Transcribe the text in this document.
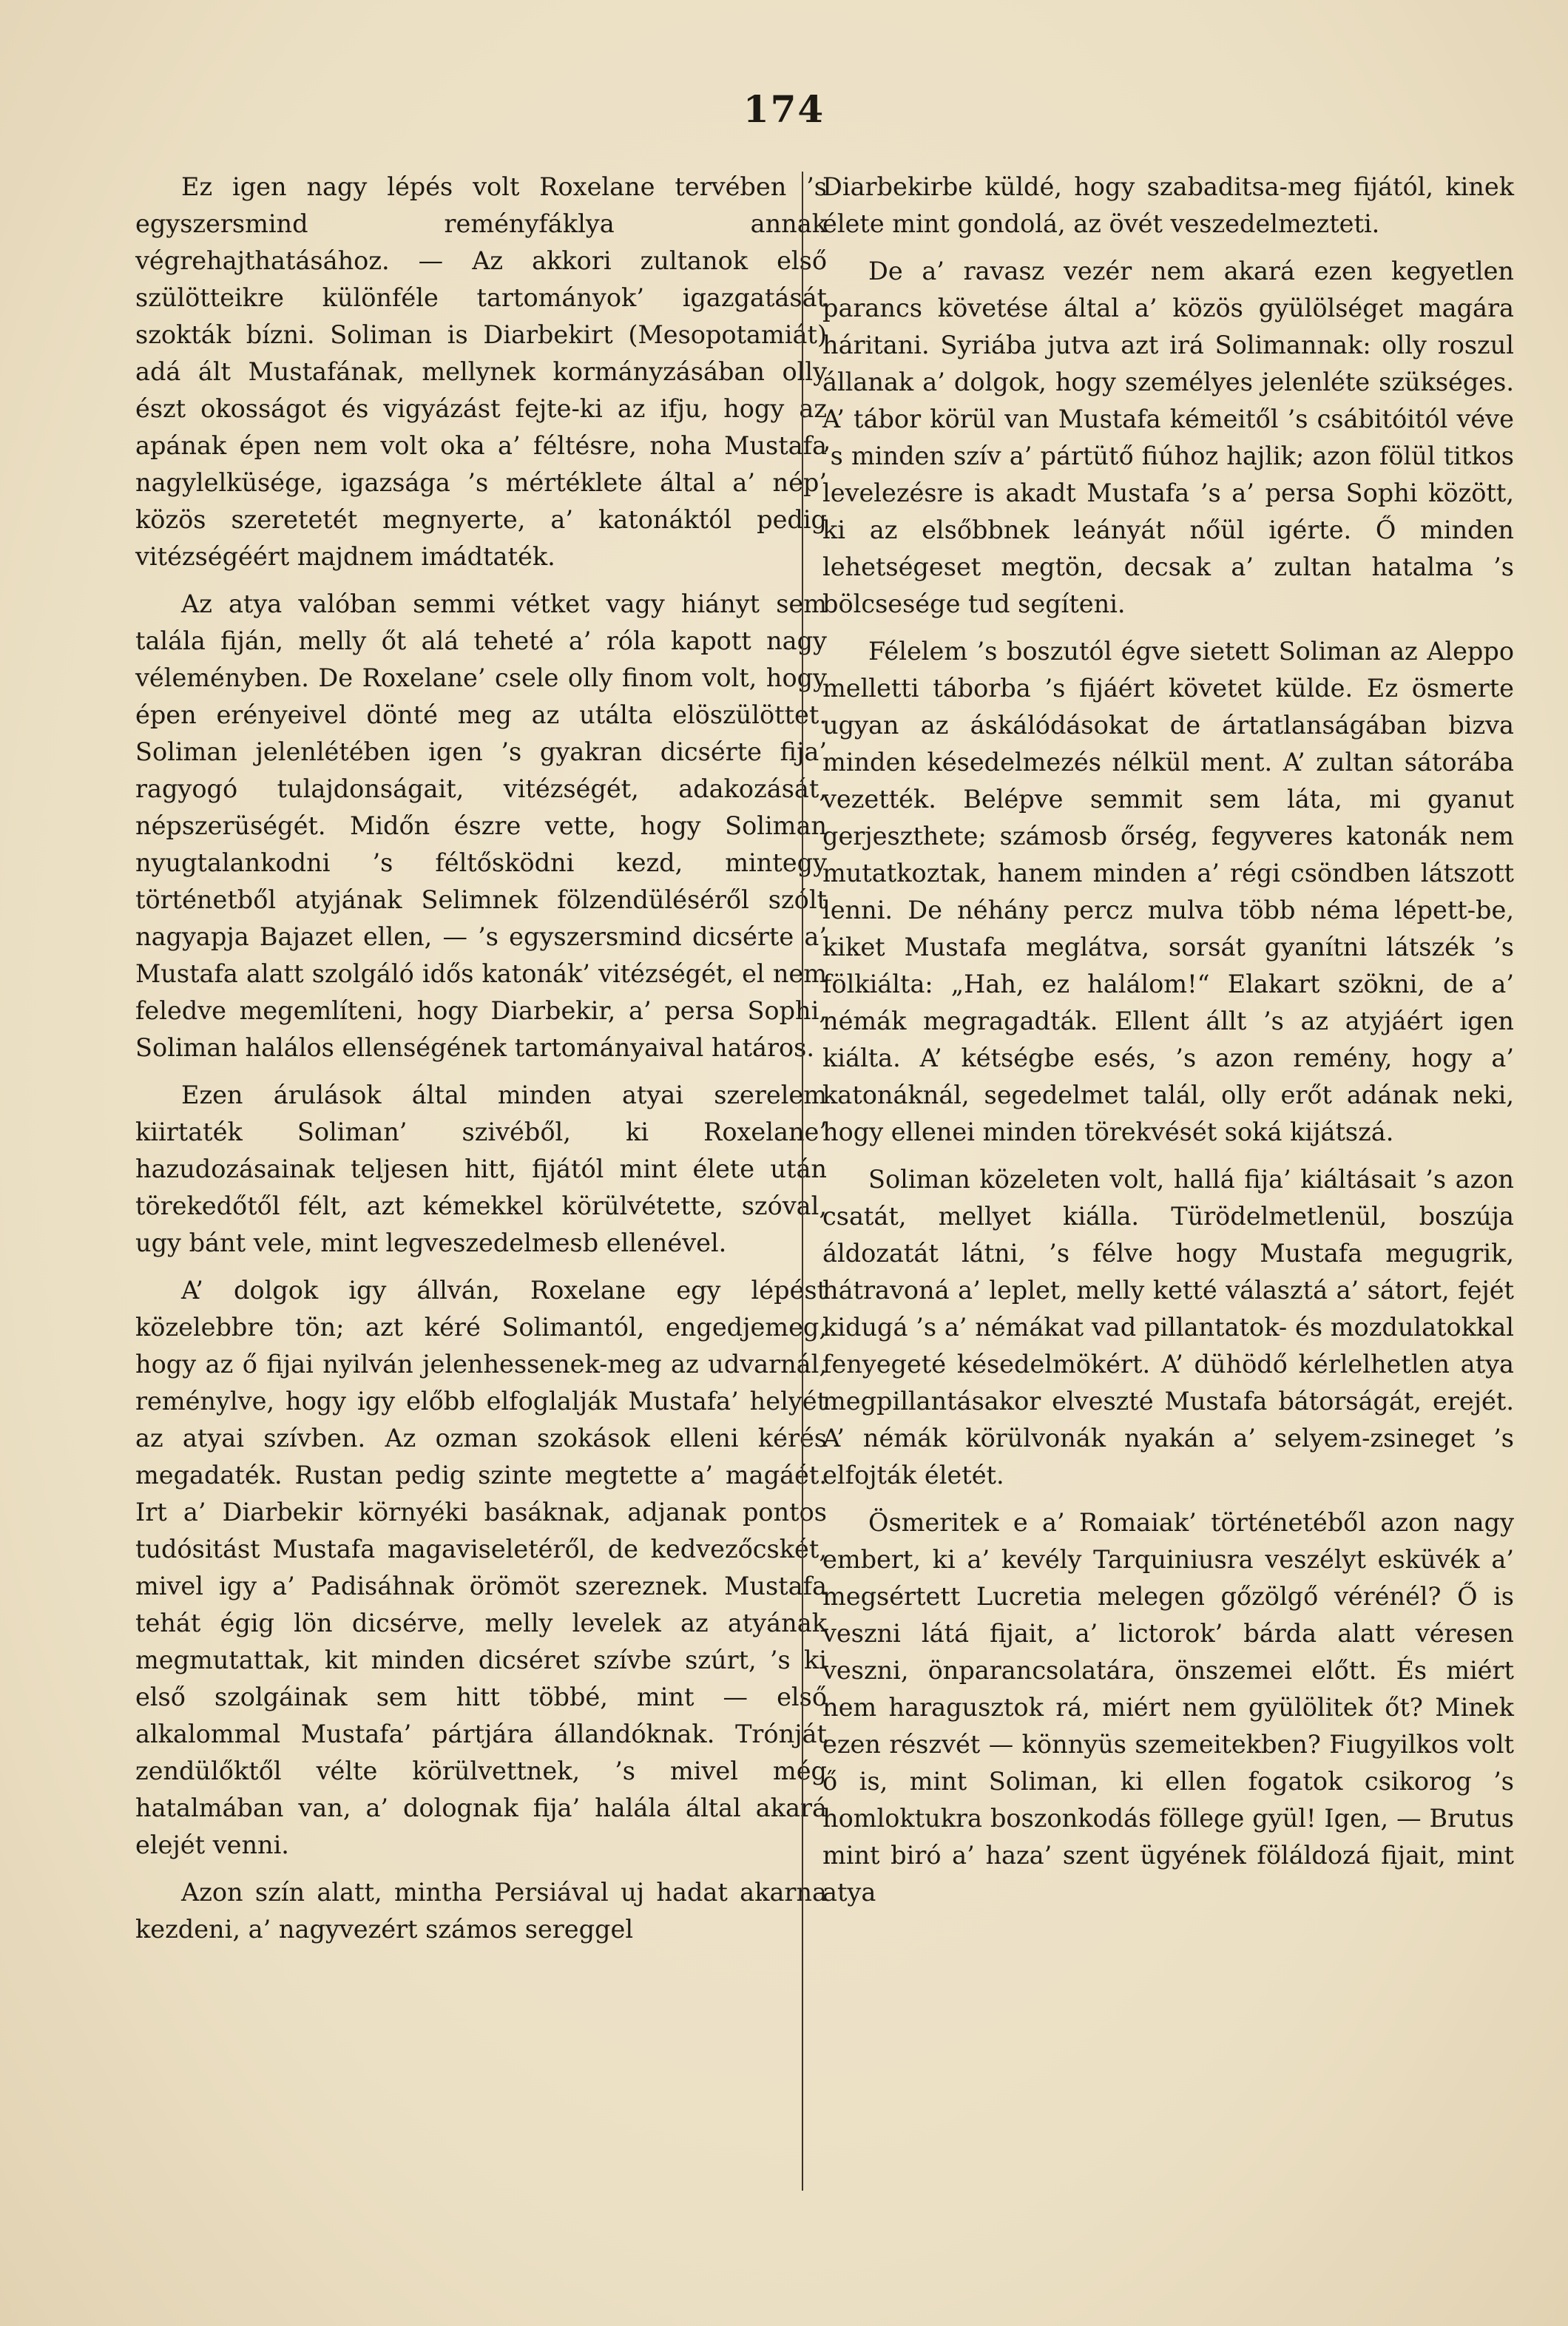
174

Ez igen nagy lépés volt Roxelane tervében ’s egyszersmind reményfáklya annak végrehajthatásához. — Az akkori zultanok első szülötteikre különféle tartományok’ igazgatását szokták bízni. Soliman is Diarbekirt (Mesopotamiát) adá ált Mustafának, mellynek kormányzásában olly észt okosságot és vigyázást fejte-ki az ifju, hogy az apának épen nem volt oka a’ féltésre, noha Mustafa nagylelküsége, igazsága ’s mértéklete által a’ nép’ közös szeretetét megnyerte, a’ katonáktól pedig vitézségéért majdnem imádtaték.

Az atya valóban semmi vétket vagy hiányt sem talála fiján, melly őt alá teheté a’ róla kapott nagy véleményben. De Roxelane’ csele olly finom volt, hogy épen erényeivel dönté meg az utálta elöszülöttet. Soliman jelenlétében igen ’s gyakran dicsérte fija’ ragyogó tulajdonságait, vitézségét, adakozását, népszerüségét. Midőn észre vette, hogy Soliman nyugtalankodni ’s féltősködni kezd, mintegy történetből atyjának Selimnek fölzendüléséről szólt nagyapja Bajazet ellen, — ’s egyszersmind dicsérte a’ Mustafa alatt szolgáló idős katonák’ vitézségét, el nem feledve megemlíteni, hogy Diarbekir, a’ persa Sophi, Soliman halálos ellenségének tartományaival határos.

Ezen árulások által minden atyai szerelem kiirtaték Soliman’ szivéből, ki Roxelane’ hazudozásainak teljesen hitt, fijától mint élete után törekedőtől félt, azt kémekkel körülvétette, szóval, ugy bánt vele, mint legveszedelmesb ellenével.

A’ dolgok igy állván, Roxelane egy lépést közelebbre tön; azt kéré Solimantól, engedjemeg, hogy az ő fijai nyilván jelenhessenek-meg az udvarnál, reménylve, hogy igy előbb elfoglalják Mustafa’ helyét az atyai szívben. Az ozman szokások elleni kérés megadaték. Rustan pedig szinte megtette a’ magáét. Irt a’ Diarbekir környéki basáknak, adjanak pontos tudósitást Mustafa magaviseletéről, de kedvezőcskét, mivel igy a’ Padisáhnak örömöt szereznek. Mustafa tehát égig lön dicsérve, melly levelek az atyának megmutattak, kit minden dicséret szívbe szúrt, ’s ki első szolgáinak sem hitt többé, mint — első alkalommal Mustafa’ pártjára állandóknak. Trónját zendülőktől vélte körülvettnek, ’s mivel még hatalmában van, a’ dolognak fija’ halála által akará elejét venni.

Azon szín alatt, mintha Persiával uj hadat akarna kezdeni, a’ nagyvezért számos sereggel

Diarbekirbe küldé, hogy szabaditsa-meg fijától, kinek élete mint gondolá, az övét veszedelmezteti.

De a’ ravasz vezér nem akará ezen kegyetlen parancs követése által a’ közös gyülölséget magára háritani. Syriába jutva azt irá Solimannak: olly roszul állanak a’ dolgok, hogy személyes jelenléte szükséges. A’ tábor körül van Mustafa kémeitől ’s csábitóitól véve ’s minden szív a’ pártütő fiúhoz hajlik; azon fölül titkos levelezésre is akadt Mustafa ’s a’ persa Sophi között, ki az elsőbbnek leányát nőül igérte. Ő minden lehetségeset megtön, decsak a’ zultan hatalma ’s bölcsesége tud segíteni.

Félelem ’s boszutól égve sietett Soliman az Aleppo melletti táborba ’s fijáért követet külde. Ez ösmerte ugyan az áskálódásokat de ártatlanságában bizva minden késedelmezés nélkül ment. A’ zultan sátorába vezették. Belépve semmit sem láta, mi gyanut gerjeszthete; számosb őrség, fegyveres katonák nem mutatkoztak, hanem minden a’ régi csöndben látszott lenni. De néhány percz mulva több néma lépett-be, kiket Mustafa meglátva, sorsát gyanítni látszék ’s fölkiálta: „Hah, ez halálom!“ Elakart szökni, de a’ némák megragadták. Ellent állt ’s az atyjáért igen kiálta. A’ kétségbe esés, ’s azon remény, hogy a’ katonáknál, segedelmet talál, olly erőt adának neki, hogy ellenei minden törekvését soká kijátszá.

Soliman közeleten volt, hallá fija’ kiáltásait ’s azon csatát, mellyet kiálla. Türödelmetlenül, boszúja áldozatát látni, ’s félve hogy Mustafa megugrik, hátravoná a’ leplet, melly ketté választá a’ sátort, fejét kidugá ’s a’ némákat vad pillantatok- és mozdulatokkal fenyegeté késedelmökért. A’ dühödő kérlelhetlen atya megpillantásakor elveszté Mustafa bátorságát, erejét. A’ némák körülvonák nyakán a’ selyem-zsineget ’s elfojták életét.

Ösmeritek e a’ Romaiak’ történetéből azon nagy embert, ki a’ kevély Tarquiniusra veszélyt esküvék a’ megsértett Lucretia melegen gőzölgő vérénél? Ő is veszni látá fijait, a’ lictorok’ bárda alatt véresen veszni, önparancsolatára, önszemei előtt. És miért nem haragusztok rá, miért nem gyülölitek őt? Minek ezen részvét — könnyüs szemeitekben? Fiugyilkos volt ő is, mint Soliman, ki ellen fogatok csikorog ’s homloktukra boszonkodás föllege gyül! Igen, — Brutus mint biró a’ haza’ szent ügyének föláldozá fijait, mint atya
